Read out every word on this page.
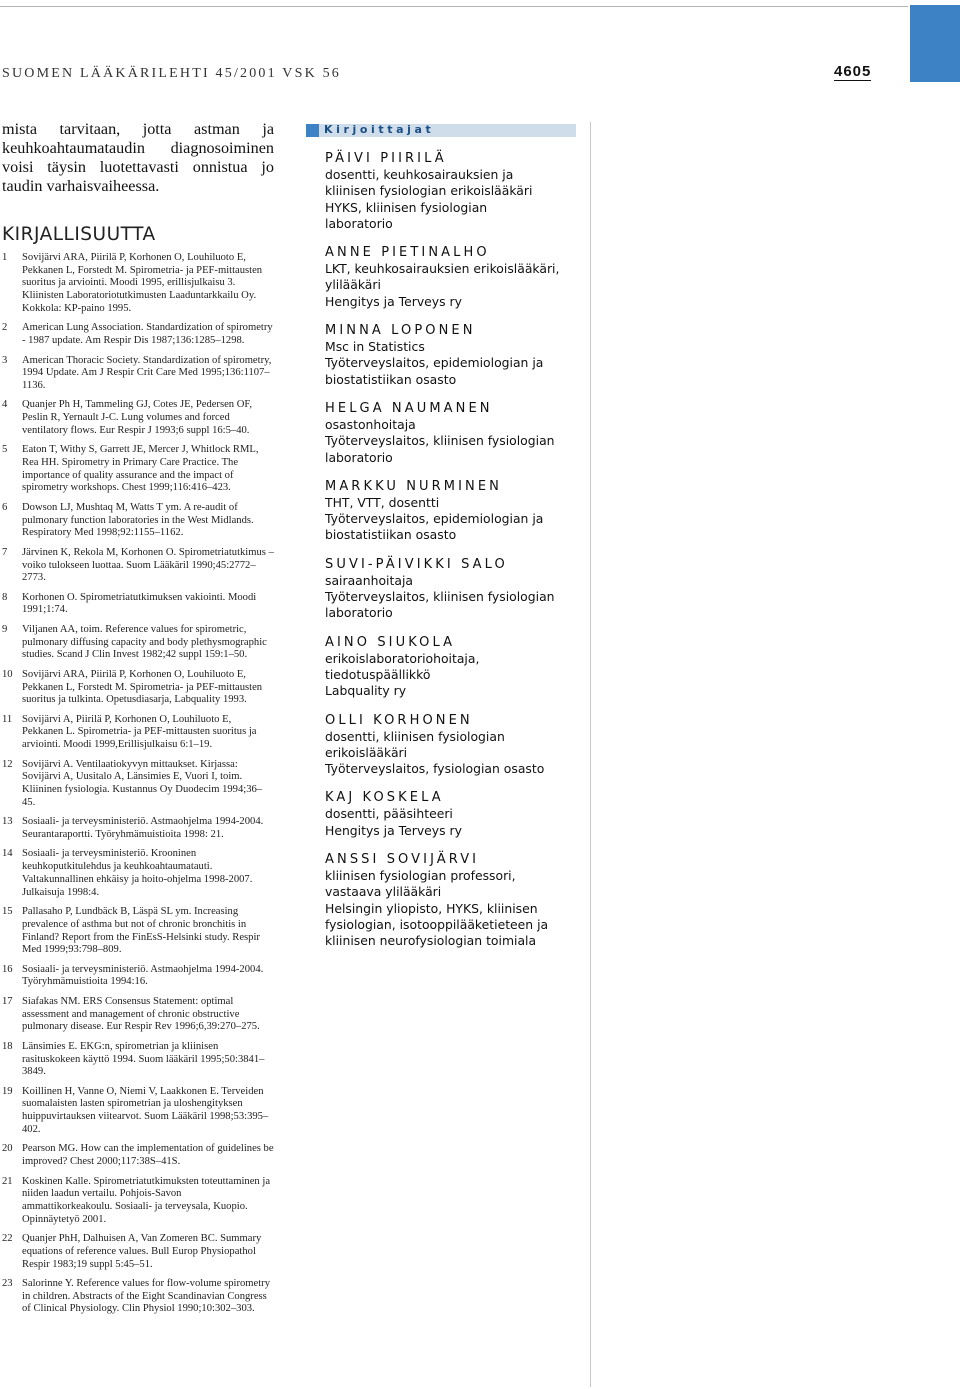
SUOMEN LÄÄKÄRILEHTI 45/2001 VSK 56	4605

mista tarvitaan, jotta astman ja keuhkoahtaumataudin diagnosoiminen voisi täysin luotettavasti onnistua jo taudin varhaisvaiheessa.

KIRJALLISUUTTA
1 Sovijärvi ARA, Piirilä P, Korhonen O, Louhiluoto E, Pekkanen L, Forstedt M. Spirometria- ja PEF-mittausten suoritus ja arviointi. Moodi 1995, erillisjulkaisu 3. Kliinisten Laboratoriotutkimusten Laaduntarkkailu Oy. Kokkola: KP-paino 1995.
2 American Lung Association. Standardization of spirometry - 1987 update. Am Respir Dis 1987;136:1285–1298.
3 American Thoracic Society. Standardization of spirometry, 1994 Update. Am J Respir Crit Care Med 1995;136:1107–1136.
4 Quanjer Ph H, Tammeling GJ, Cotes JE, Pedersen OF, Peslin R, Yernault J-C. Lung volumes and forced ventilatory flows. Eur Respir J 1993;6 suppl 16:5–40.
5 Eaton T, Withy S, Garrett JE, Mercer J, Whitlock RML, Rea HH. Spirometry in Primary Care Practice. The importance of quality assurance and the impact of spirometry workshops. Chest 1999;116:416–423.
6 Dowson LJ, Mushtaq M, Watts T ym. A re-audit of pulmonary function laboratories in the West Midlands. Respiratory Med 1998;92:1155–1162.
7 Järvinen K, Rekola M, Korhonen O. Spirometriatutkimus – voiko tulokseen luottaa. Suom Lääkäril 1990;45:2772–2773.
8 Korhonen O. Spirometriatutkimuksen vakiointi. Moodi 1991;1:74.
9 Viljanen AA, toim. Reference values for spirometric, pulmonary diffusing capacity and body plethysmographic studies. Scand J Clin Invest 1982;42 suppl 159:1–50.
10 Sovijärvi ARA, Piirilä P, Korhonen O, Louhiluoto E, Pekkanen L, Forstedt M. Spirometria- ja PEF-mittausten suoritus ja tulkinta. Opetusdiasarja, Labquality 1993.
11 Sovijärvi A, Piirilä P, Korhonen O, Louhiluoto E, Pekkanen L. Spirometria- ja PEF-mittausten suoritus ja arviointi. Moodi 1999,Erillisjulkaisu 6:1–19.
12 Sovijärvi A. Ventilaatiokyvyn mittaukset. Kirjassa: Sovijärvi A, Uusitalo A, Länsimies E, Vuori I, toim. Kliininen fysiologia. Kustannus Oy Duodecim 1994;36–45.
13 Sosiaali- ja terveysministeriö. Astmaohjelma 1994-2004. Seurantaraportti. Työryhmämuistioita 1998: 21.
14 Sosiaali- ja terveysministeriö. Krooninen keuhkoputkitulehdus ja keuhkoahtaumatauti. Valtakunnallinen ehkäisy ja hoito-ohjelma 1998-2007. Julkaisuja 1998:4.
15 Pallasaho P, Lundbäck B, Läspä SL ym. Increasing prevalence of asthma but not of chronic bronchitis in Finland? Report from the FinEsS-Helsinki study. Respir Med 1999;93:798–809.
16 Sosiaali- ja terveysministeriö. Astmaohjelma 1994-2004. Työryhmämuistioita 1994:16.
17 Siafakas NM. ERS Consensus Statement: optimal assessment and management of chronic obstructive pulmonary disease. Eur Respir Rev 1996;6,39:270–275.
18 Länsimies E. EKG:n, spirometrian ja kliinisen rasituskokeen käyttö 1994. Suom lääkäril 1995;50:3841–3849.
19 Koillinen H, Vanne O, Niemi V, Laakkonen E. Terveiden suomalaisten lasten spirometrian ja uloshengityksen huippuvirtauksen viitearvot. Suom Lääkäril 1998;53:395–402.
20 Pearson MG. How can the implementation of guidelines be improved? Chest 2000;117:38S–41S.
21 Koskinen Kalle. Spirometriatutkimuksten toteuttaminen ja niiden laadun vertailu. Pohjois-Savon ammattikorkeakoulu. Sosiaali- ja terveysala, Kuopio. Opinnäytetyö 2001.
22 Quanjer PhH, Dalhuisen A, Van Zomeren BC. Summary equations of reference values. Bull Europ Physiopathol Respir 1983;19 suppl 5:45–51.
23 Salorinne Y. Reference values for flow-volume spirometry in children. Abstracts of the Eight Scandinavian Congress of Clinical Physiology. Clin Physiol 1990;10:302–303.
Kirjoittajat
PÄIVI PIIRILÄ
dosentti, keuhkosairauksien ja
kliinisen fysiologian erikoislääkäri
HYKS, kliinisen fysiologian
laboratorio
ANNE PIETINALHO
LKT, keuhkosairauksien erikoislääkäri,
ylilääkäri
Hengitys ja Terveys ry
MINNA LOPONEN
Msc in Statistics
Työterveyslaitos, epidemiologian ja
biostatistiikan osasto
HELGA NAUMANEN
osastonhoitaja
Työterveyslaitos, kliinisen fysiologian
laboratorio
MARKKU NURMINEN
THT, VTT, dosentti
Työterveyslaitos, epidemiologian ja
biostatistiikan osasto
SUVI-PÄIVIKKI SALO
sairaanhoitaja
Työterveyslaitos, kliinisen fysiologian
laboratorio
AINO SIUKOLA
erikoislaboratoriohoitaja,
tiedotuspäällikkö
Labquality ry
OLLI KORHONEN
dosentti, kliinisen fysiologian
erikoislääkäri
Työterveyslaitos, fysiologian osasto
KAJ KOSKELA
dosentti, pääsihteeri
Hengitys ja Terveys ry
ANSSI SOVIJÄRVI
kliinisen fysiologian professori,
vastaava ylilääkäri
Helsingin yliopisto, HYKS, kliinisen
fysiologian, isotooppilääketieteen ja
kliinisen neurofysiologian toimiala
